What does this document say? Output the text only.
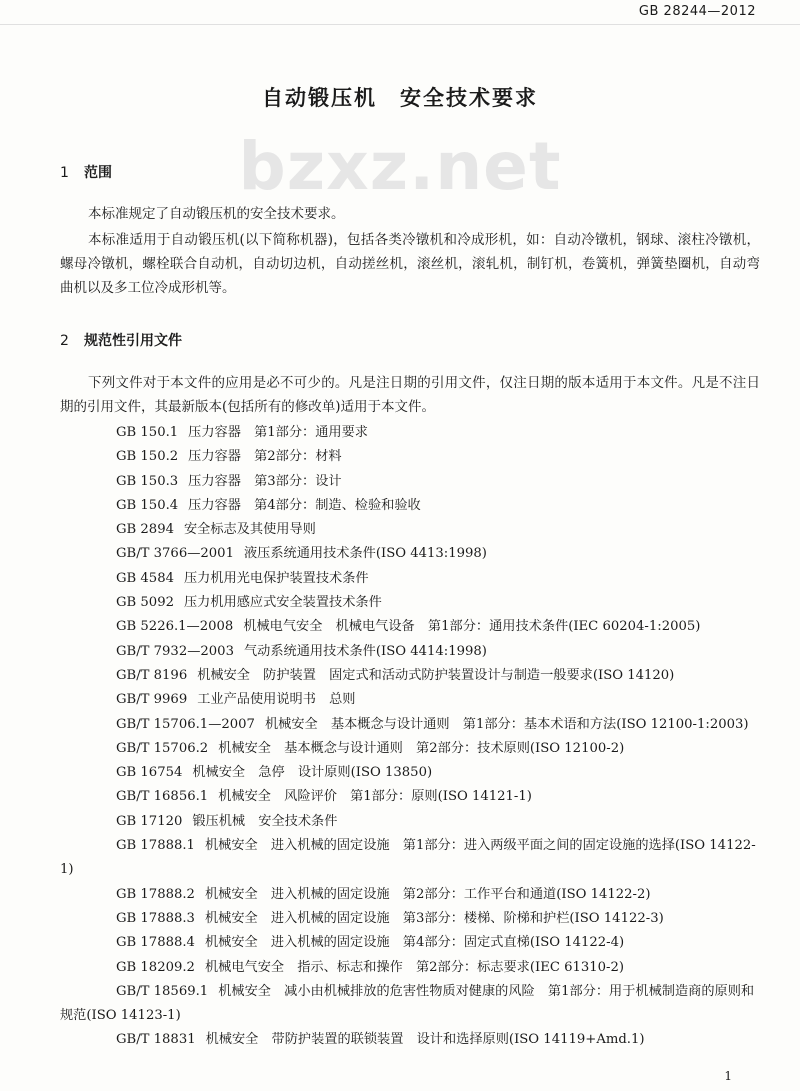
GB 28244—2012
bzxz.net
自动锻压机　安全技术要求
1 范围

本标准规定了自动锻压机的安全技术要求。

本标准适用于自动锻压机(以下简称机器)，包括各类冷镦机和冷成形机，如：自动冷镦机，钢球、滚柱冷镦机，螺母冷镦机，螺栓联合自动机，自动切边机，自动搓丝机，滚丝机，滚轧机，制钉机，卷簧机，弹簧垫圈机，自动弯曲机以及多工位冷成形机等。

2 规范性引用文件

下列文件对于本文件的应用是必不可少的。凡是注日期的引用文件，仅注日期的版本适用于本文件。凡是不注日期的引用文件，其最新版本(包括所有的修改单)适用于本文件。

GB 150.1 压力容器　第1部分：通用要求
GB 150.2 压力容器　第2部分：材料
GB 150.3 压力容器　第3部分：设计
GB 150.4 压力容器　第4部分：制造、检验和验收
GB 2894 安全标志及其使用导则
GB/T 3766—2001 液压系统通用技术条件(ISO 4413:1998)
GB 4584 压力机用光电保护装置技术条件
GB 5092 压力机用感应式安全装置技术条件
GB 5226.1—2008 机械电气安全　机械电气设备　第1部分：通用技术条件(IEC 60204-1:2005)
GB/T 7932—2003 气动系统通用技术条件(ISO 4414:1998)
GB/T 8196 机械安全　防护装置　固定式和活动式防护装置设计与制造一般要求(ISO 14120)
GB/T 9969 工业产品使用说明书　总则
GB/T 15706.1—2007 机械安全　基本概念与设计通则　第1部分：基本术语和方法(ISO 12100-1:2003)
GB/T 15706.2 机械安全　基本概念与设计通则　第2部分：技术原则(ISO 12100-2)
GB 16754 机械安全　急停　设计原则(ISO 13850)
GB/T 16856.1 机械安全　风险评价　第1部分：原则(ISO 14121-1)
GB 17120 锻压机械　安全技术条件
GB 17888.1 机械安全　进入机械的固定设施　第1部分：进入两级平面之间的固定设施的选择(ISO 14122-1)
GB 17888.2 机械安全　进入机械的固定设施　第2部分：工作平台和通道(ISO 14122-2)
GB 17888.3 机械安全　进入机械的固定设施　第3部分：楼梯、阶梯和护栏(ISO 14122-3)
GB 17888.4 机械安全　进入机械的固定设施　第4部分：固定式直梯(ISO 14122-4)
GB 18209.2 机械电气安全　指示、标志和操作　第2部分：标志要求(IEC 61310-2)
GB/T 18569.1 机械安全　减小由机械排放的危害性物质对健康的风险　第1部分：用于机械制造商的原则和规范(ISO 14123-1)
GB/T 18831 机械安全　带防护装置的联锁装置　设计和选择原则(ISO 14119+Amd.1)
1
